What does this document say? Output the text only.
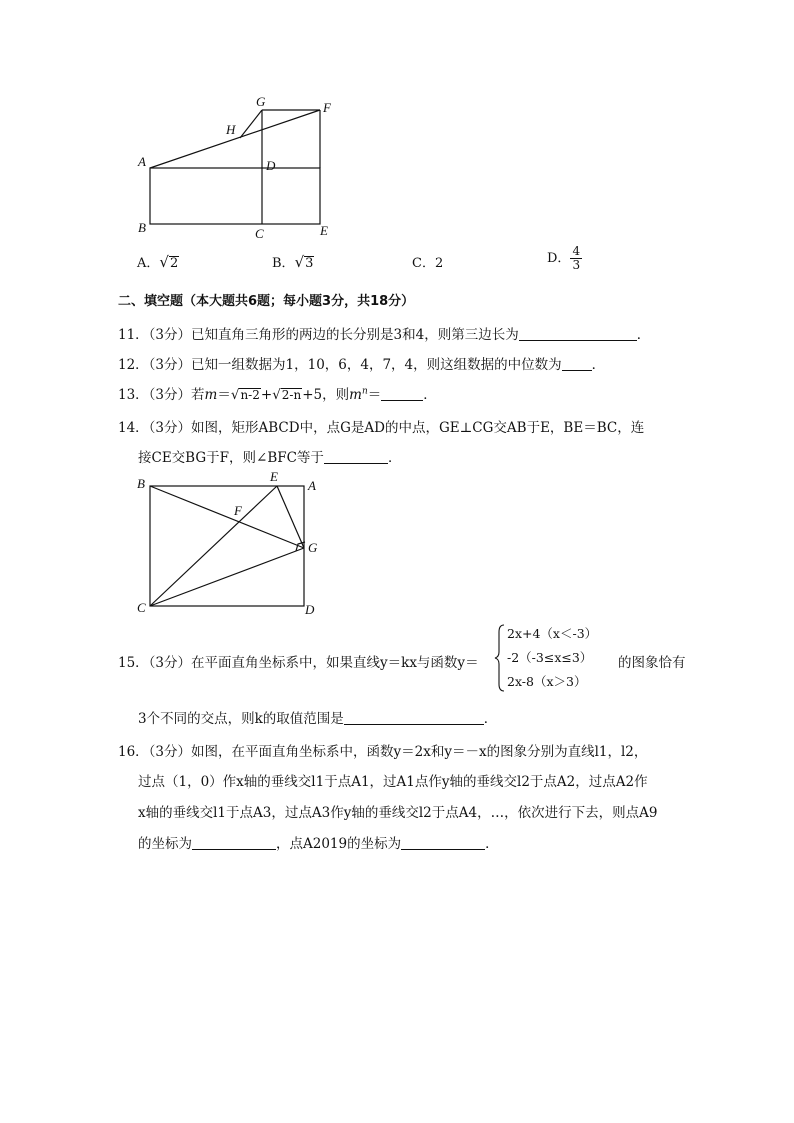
G	F
H
A	D
B	C	E
A．√2	B．√3	C．2	D． $\frac{4}{3}$
二、填空题（本大题共6题；每小题3分，共18分）
11．（3分）已知直角三角形的两边的长分别是3和4，则第三边长为	．
12．（3分）已知一组数据为1，10，6，4，7，4，则这组数据的中位数为 ．
13．（3分）若m＝√n-2+√2-n+5，则$m^n=$	．
14．（3分）如图，矩形ABCD中，点G是AD的中点，GE⊥CG交AB于E，BE＝BC，连
接CE交BG于F，则∠BFC等于	．
B	E
A
F
G
C	D
15．（3分）在平面直角坐标系中，如果直线y＝kx与函数y＝
2x+4（x＜-3）
-2（-3≤x≤3）
2x-8（x＞3）
的图象恰有
3个不同的交点，则k的取值范围是	．
16．（3分）如图，在平面直角坐标系中，函数y＝2x和y＝－x的图象分别为直线l1，l2，
过点（1，0）作x轴的垂线交l1于点A1，过A1点作y轴的垂线交l2于点A2，过点A2作
x轴的垂线交l1于点A3，过点A3作y轴的垂线交l2于点A4，…，依次进行下去，则点A9
的坐标为	，点A2019的坐标为	．
